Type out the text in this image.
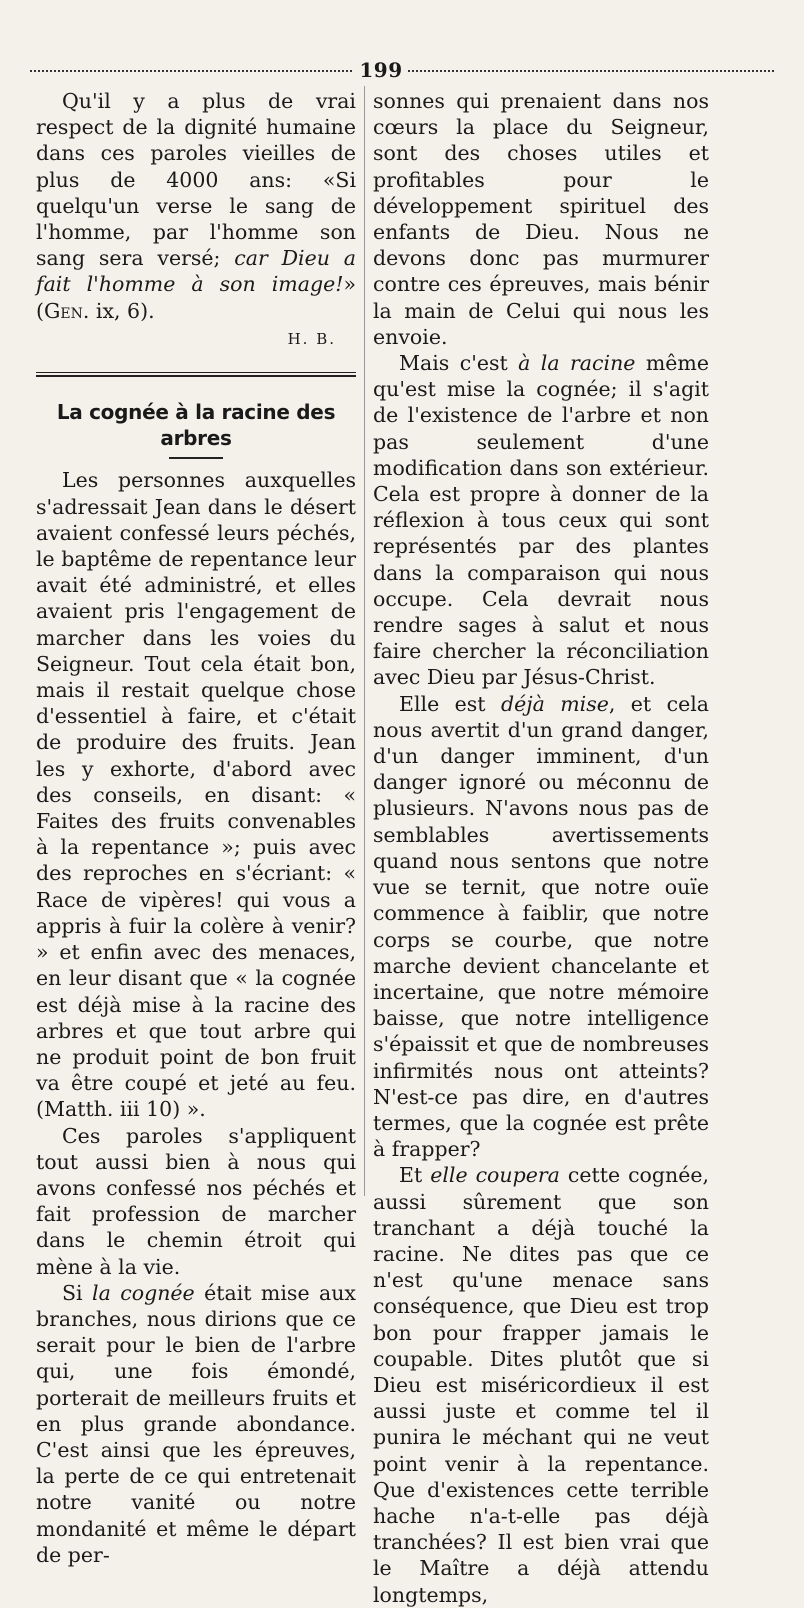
199

Qu'il y a plus de vrai respect de la dignité humaine dans ces paroles vieilles de plus de 4000 ans: «Si quelqu'un verse le sang de l'homme, par l'homme son sang sera versé; car Dieu a fait l'homme à son image!» (Gen. ix, 6).

H. B.

La cognée à la racine des arbres

Les personnes auxquelles s'adressait Jean dans le désert avaient confessé leurs péchés, le baptême de repentance leur avait été administré, et elles avaient pris l'engagement de marcher dans les voies du Seigneur. Tout cela était bon, mais il restait quelque chose d'essentiel à faire, et c'était de produire des fruits. Jean les y exhorte, d'abord avec des conseils, en disant: « Faites des fruits convenables à la repentance »; puis avec des reproches en s'écriant: « Race de vipères! qui vous a appris à fuir la colère à venir? » et enfin avec des menaces, en leur disant que « la cognée est déjà mise à la racine des arbres et que tout arbre qui ne produit point de bon fruit va être coupé et jeté au feu. (Matth. iii 10) ».

Ces paroles s'appliquent tout aussi bien à nous qui avons confessé nos péchés et fait profession de marcher dans le chemin étroit qui mène à la vie.

Si la cognée était mise aux branches, nous dirions que ce serait pour le bien de l'arbre qui, une fois émondé, porterait de meilleurs fruits et en plus grande abondance. C'est ainsi que les épreuves, la perte de ce qui entretenait notre vanité ou notre mondanité et même le départ de per-

sonnes qui prenaient dans nos cœurs la place du Seigneur, sont des choses utiles et profitables pour le développement spirituel des enfants de Dieu. Nous ne devons donc pas murmurer contre ces épreuves, mais bénir la main de Celui qui nous les envoie.

Mais c'est à la racine même qu'est mise la cognée; il s'agit de l'existence de l'arbre et non pas seulement d'une modification dans son extérieur. Cela est propre à donner de la réflexion à tous ceux qui sont représentés par des plantes dans la comparaison qui nous occupe. Cela devrait nous rendre sages à salut et nous faire chercher la réconciliation avec Dieu par Jésus-Christ.

Elle est déjà mise, et cela nous avertit d'un grand danger, d'un danger imminent, d'un danger ignoré ou méconnu de plusieurs. N'avons nous pas de semblables avertissements quand nous sentons que notre vue se ternit, que notre ouïe commence à faiblir, que notre corps se courbe, que notre marche devient chancelante et incertaine, que notre mémoire baisse, que notre intelligence s'épaissit et que de nombreuses infirmités nous ont atteints? N'est-ce pas dire, en d'autres termes, que la cognée est prête à frapper?

Et elle coupera cette cognée, aussi sûrement que son tranchant a déjà touché la racine. Ne dites pas que ce n'est qu'une menace sans conséquence, que Dieu est trop bon pour frapper jamais le coupable. Dites plutôt que si Dieu est miséricordieux il est aussi juste et comme tel il punira le méchant qui ne veut point venir à la repentance. Que d'existences cette terrible hache n'a-t-elle pas déjà tranchées? Il est bien vrai que le Maître a déjà attendu longtemps,
